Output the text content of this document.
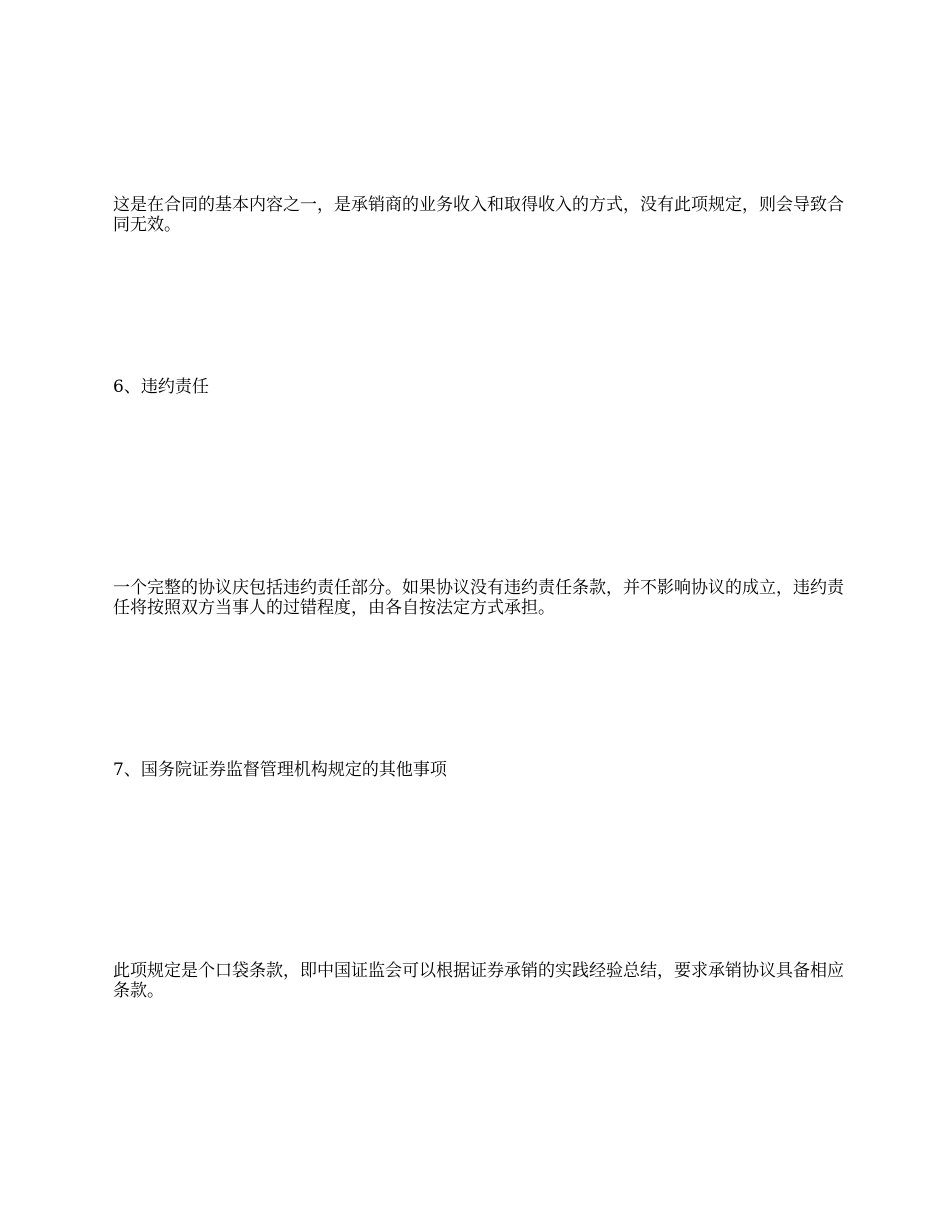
这是在合同的基本内容之一，是承销商的业务收入和取得收入的方式，没有此项规定，则会导致合同无效。

6、违约责任

一个完整的协议庆包括违约责任部分。如果协议没有违约责任条款，并不影响协议的成立，违约责任将按照双方当事人的过错程度，由各自按法定方式承担。

7、国务院证券监督管理机构规定的其他事项

此项规定是个口袋条款，即中国证监会可以根据证券承销的实践经验总结，要求承销协议具备相应条款。
